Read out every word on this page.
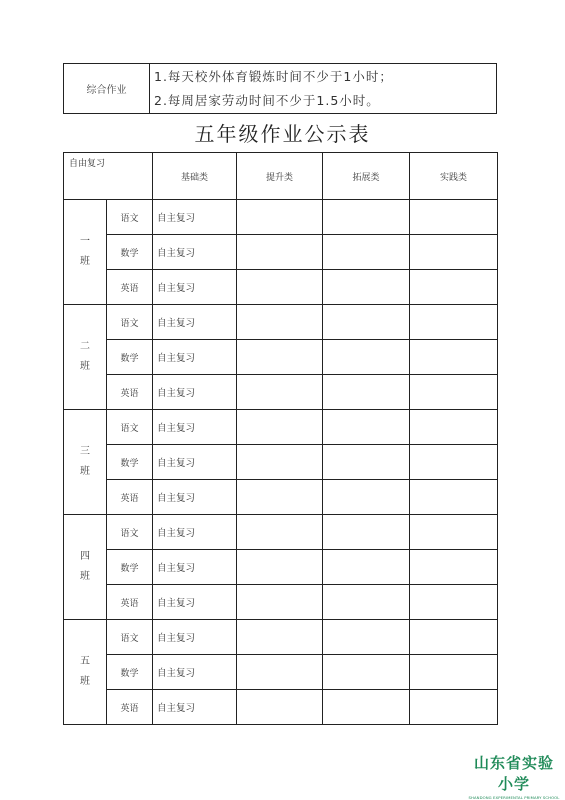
综合作业	
1.每天校外体育锻炼时间不少于1小时；
2.每周居家劳动时间不少于1.5小时。
五年级作业公示表
自由复习		基础类	提升类	拓展类	实践类

一
班	语文	自主复习			
	数学	自主复习			
	英语	自主复习			

二
班	语文	自主复习			
	数学	自主复习			
	英语	自主复习			

三
班	语文	自主复习			
	数学	自主复习			
	英语	自主复习			

四
班	语文	自主复习			
	数学	自主复习			
	英语	自主复习			

五
班	语文	自主复习			
	数学	自主复习			
	英语	自主复习			
山东省实验小学
SHANDONG EXPERIMENTAL PRIMARY SCHOOL
